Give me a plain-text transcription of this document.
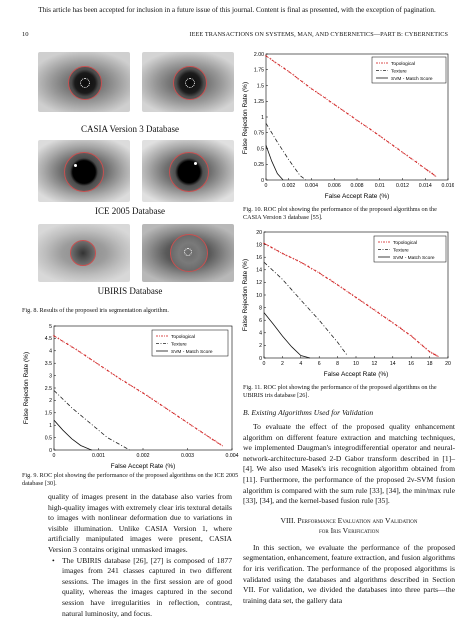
This article has been accepted for inclusion in a future issue of this journal. Content is final as presented, with the exception of pagination.
10	IEEE TRANSACTIONS ON SYSTEMS, MAN, AND CYBERNETICS—PART B: CYBERNETICS
CASIA Version 3 Database
ICE 2005 Database
UBIRIS Database
Fig. 8. Results of the proposed iris segmentation algorithm.
0	0.001	0.002	0.003	0.004
0
0.5
1
1.5
2
2.5
3
3.5
4
4.5
5
+
+
+
+
+
+
+
+
+
+
+
+
+
+
+
+
+
+
+
+
+
+
+
+
+
+
+
+
+
+
+
+
+
+
+
+ + + + +
Topological
Texture
SVM - Match Score
False Accept Rate (%)
False Rejection Rate (%)
Fig. 9. ROC plot showing the performance of the proposed algorithms on the ICE 2005 database [30].
quality of images present in the database also varies from high-quality images with extremely clear iris textural details to images with nonlinear deformation due to variations in visible illumination. Unlike CASIA Version 1, where artificially manipulated images were present, CASIA Version 3 contains original unmasked images.
• The UBIRIS database [26], [27] is composed of 1877 images from 241 classes captured in two different sessions. The images in the first session are of good quality, whereas the images captured in the second session have irregularities in reflection, contrast, natural luminosity, and focus.
0	0.002 0.004 0.006 0.008 0.01 0.012 0.014 0.016
0
0.25
0.5
0.75
1
1.25
1.5
1.75
2.00 +
+
+
+
+
+
+
+
+
+
+
+
+
+
+
+
+
+
+
+
+
+
+
+
+
+
+
+
+
+
+
+
+
+
+
+ + + + +
Topological
Texture
SVM - Match Score
False Accept Rate (%)
False Rejection Rate (%)
Fig. 10. ROC plot showing the performance of the proposed algorithms on the CASIA Version 3 database [55].
0	2	4	6	8	10 12 14 16 18 20
0
2
4
6
8
10
12
14
16
18
20
+ + + + + + + + + + + + + + + + + + + + +
+
+
+
+
+
+
+
+
+
+
+
+
+
+
+
+
+
+
+
+
+
+
+
+
+ + + + +
Topological
Texture
SVM - Match Score
False Accept Rate (%)
False Rejection Rate (%)
Fig. 11. ROC plot showing the performance of the proposed algorithms on the UBIRIS iris database [26].
B. Existing Algorithms Used for Validation
To evaluate the effect of the proposed quality enhancement algorithm on different feature extraction and matching techniques, we implemented Daugman's integrodifferential operator and neural-network-architecture-based 2-D Gabor transform described in [1]–[4]. We also used Masek's iris recognition algorithm obtained from [11]. Furthermore, the performance of the proposed 2ν-SVM fusion algorithm is compared with the sum rule [33], [34], the min/max rule [33], [34], and the kernel-based fusion rule [35].
VIII. Performance Evaluation and Validation
for Iris Verification
In this section, we evaluate the performance of the proposed segmentation, enhancement, feature extraction, and fusion algorithms for iris verification. The performance of the proposed algorithms is validated using the databases and algorithms described in Section VII. For validation, we divided the databases into three parts—the training data set, the gallery data
